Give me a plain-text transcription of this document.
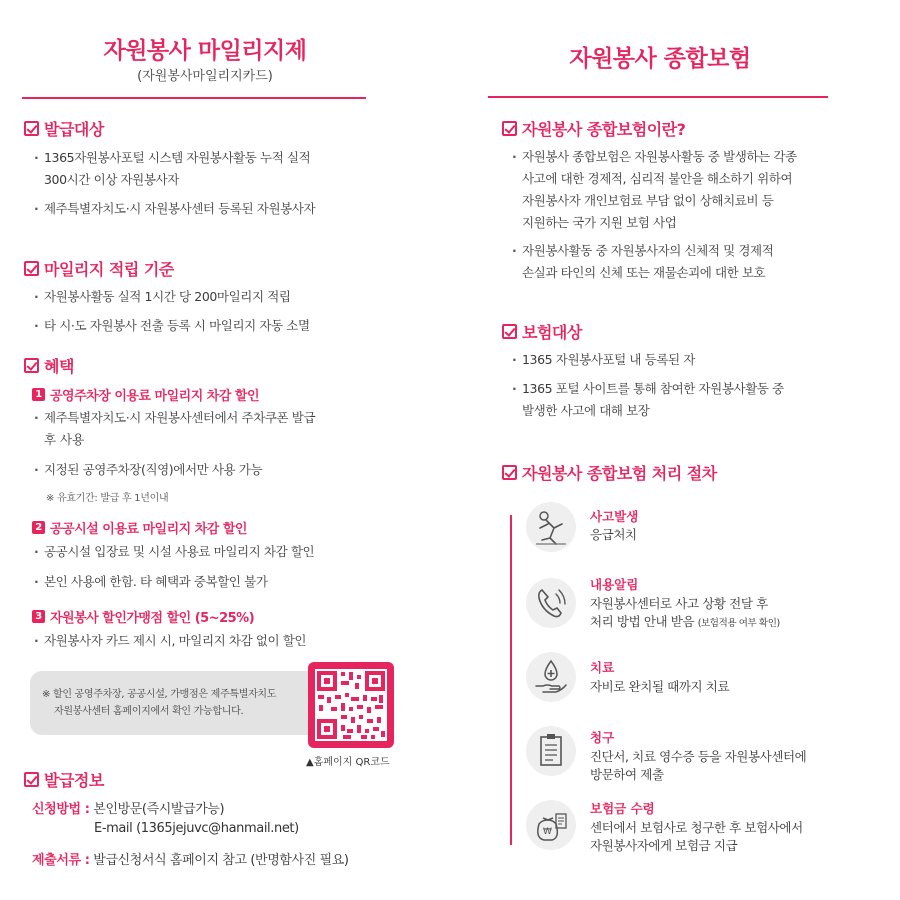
자원봉사 마일리지제
(자원봉사마일리지카드)
발급대상
· 1365자원봉사포털 시스템 자원봉사활동 누적 실적
300시간 이상 자원봉사자
· 제주특별자치도·시 자원봉사센터 등록된 자원봉사자
마일리지 적립 기준
· 자원봉사활동 실적 1시간 당 200마일리지 적립
· 타 시·도 자원봉사 전출 등록 시 마일리지 자동 소멸
혜택
1 공영주차장 이용료 마일리지 차감 할인
· 제주특별자치도·시 자원봉사센터에서 주차쿠폰 발급
후 사용
· 지정된 공영주차장(직영)에서만 사용 가능
※ 유효기간: 발급 후 1년이내
2 공공시설 이용료 마일리지 차감 할인
· 공공시설 입장료 및 시설 사용료 마일리지 차감 할인
· 본인 사용에 한함. 타 혜택과 중복할인 불가
3 자원봉사 할인가맹점 할인 (5~25%)
· 자원봉사자 카드 제시 시, 마일리지 차감 없이 할인
※ 할인 공영주차장, 공공시설, 가맹점은 제주특별자치도
자원봉사센터 홈페이지에서 확인 가능합니다.
▲홈페이지 QR코드
발급정보
신청방법 : 본인방문(즉시발급가능)
E-mail (1365jejuvc@hanmail.net)
제출서류 : 발급신청서식 홈페이지 참고 (반명함사진 필요)
자원봉사 종합보험
자원봉사 종합보험이란?
· 자원봉사 종합보험은 자원봉사활동 중 발생하는 각종
사고에 대한 경제적, 심리적 불안을 해소하기 위하여
자원봉사자 개인보험료 부담 없이 상해치료비 등
지원하는 국가 지원 보험 사업
· 자원봉사활동 중 자원봉사자의 신체적 및 경제적
손실과 타인의 신체 또는 재물손괴에 대한 보호
보험대상
· 1365 자원봉사포털 내 등록된 자
· 1365 포털 사이트를 통해 참여한 자원봉사활동 중
발생한 사고에 대해 보장
자원봉사 종합보험 처리 절차
사고발생
응급처치
내용알림
자원봉사센터로 사고 상황 전달 후
처리 방법 안내 받음 (보험적용 여부 확인)
치료
자비로 완치될 때까지 치료
청구
진단서, 치료 영수증 등을 자원봉사센터에
방문하여 제출
₩
보험금 수령
센터에서 보험사로 청구한 후 보험사에서
자원봉사자에게 보험금 지급
